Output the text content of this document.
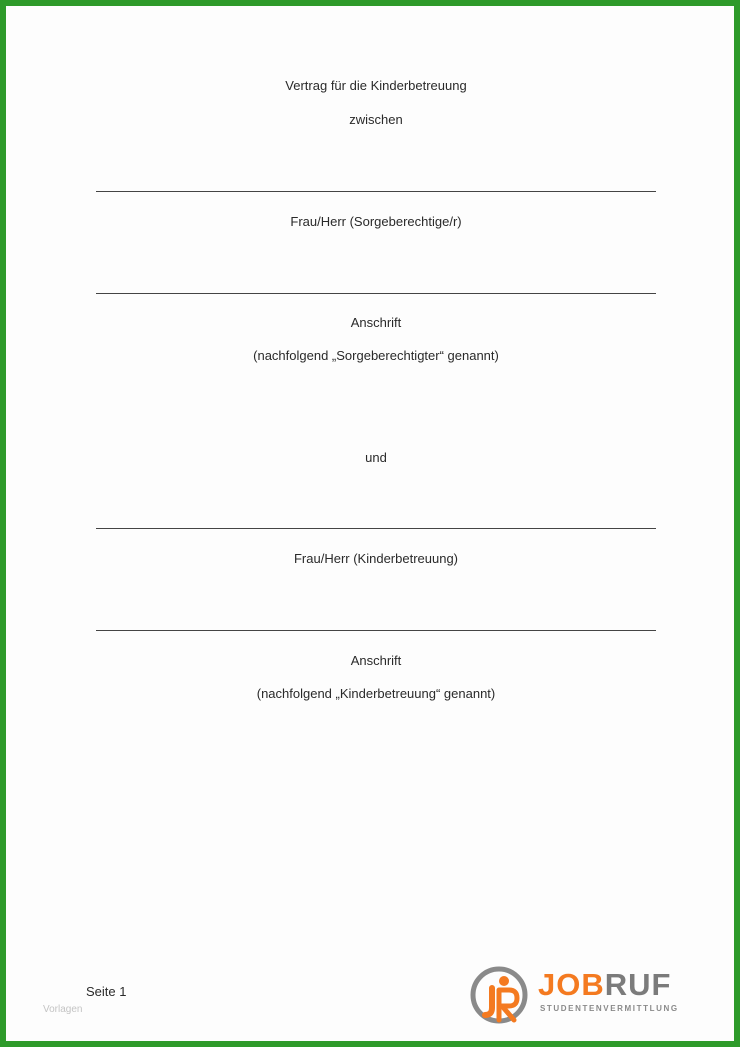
Vertrag für die Kinderbetreuung
zwischen
Frau/Herr (Sorgeberechtige/r)
Anschrift
(nachfolgend „Sorgeberechtigter“ genannt)
und
Frau/Herr (Kinderbetreuung)
Anschrift
(nachfolgend „Kinderbetreuung“ genannt)
Seite 1
Vorlagen
JOBRUF
STUDENTENVERMITTLUNG
